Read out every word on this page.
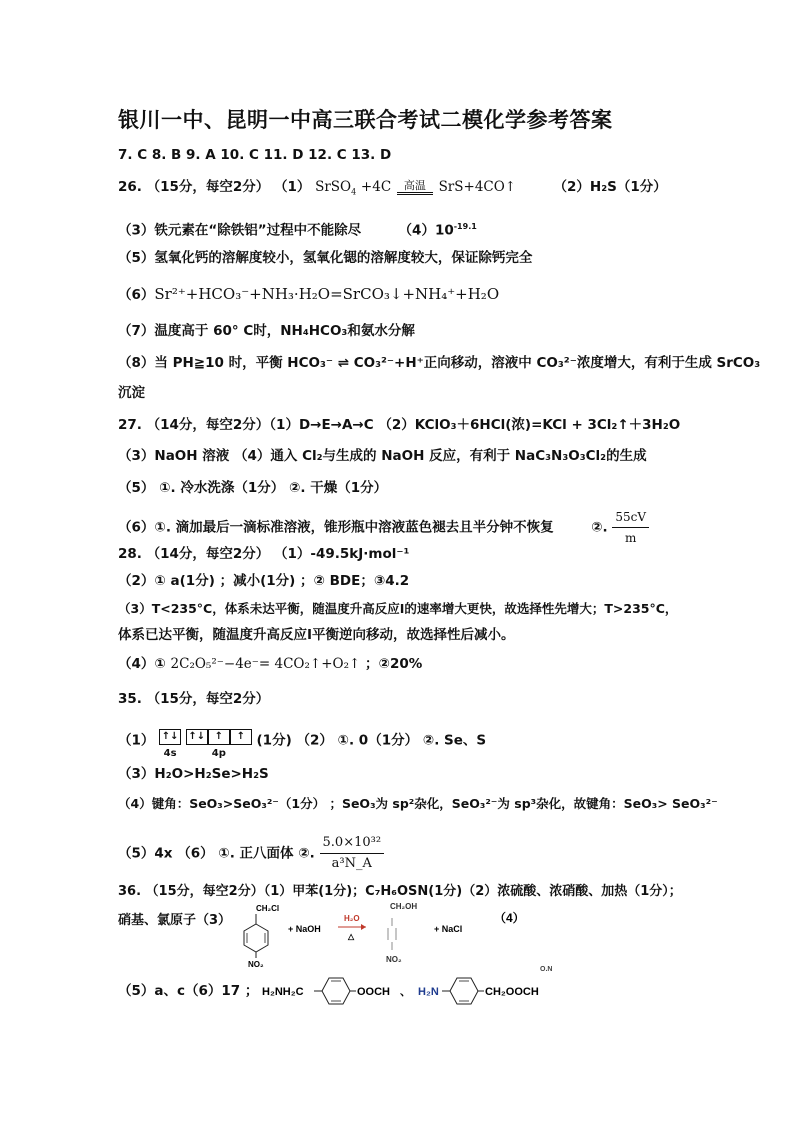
银川一中、昆明一中高三联合考试二模化学参考答案
7. C 8. B 9. A 10. C 11. D 12. C 13. D
26. （15分，每空2分） （1） SrSO$_4$ +4C 高温 SrS+4CO↑	（2）H₂S（1分）
（3）铁元素在“除铁铝”过程中不能除尽	$(4)10^{-19.1}$
（5）氢氧化钙的溶解度较小，氢氧化锶的溶解度较大，保证除钙完全
（6）Sr²⁺+HCO₃⁻+NH₃·H₂O=SrCO₃↓+NH₄⁺+H₂O
（7）温度高于 60° C时，NH₄HCO₃和氨水分解
（8）当 PH≧10 时，平衡 HCO₃⁻ ⇌ CO₃²⁻+H⁺正向移动，溶液中 CO₃²⁻浓度增大，有利于生成 SrCO₃
沉淀
27. （14分，每空2分）（1）D→E→A→C （2）KClO₃＋6HCl(浓)=KCl + 3Cl₂↑＋3H₂O
（3）NaOH 溶液 （4）通入 Cl₂与生成的 NaOH 反应，有利于 NaC₃N₃O₃Cl₂的生成
（5） ①. 冷水洗涤（1分） ②. 干燥（1分）
（6）①. 滴加最后一滴标准溶液，锥形瓶中溶液蓝色褪去且半分钟不恢复	②. $\frac{55cV}{m}$
28. （14分，每空2分） （1）-49.5kJ·mol⁻¹
（2）① a(1分) ；减小(1分) ；② BDE；③4.2
（3）T<235°C，体系未达平衡，随温度升高反应Ⅰ的速率增大更快，故选择性先增大；T>235°C，
体系已达平衡，随温度升高反应Ⅰ平衡逆向移动，故选择性后减小。
（4）① 2C₂O₅²⁻−4e⁻= 4CO₂↑+O₂↑ ；②20%
35. （15分，每空2分）
（1） ↑↓
4s

↑↓ ↑ ↑
4p
(1分) （2） ①. 0（1分） ②. Se、S
（3）H₂O>H₂Se>H₂S
（4）键角：SeO₃>SeO₃²⁻（1分） ；SeO₃为 sp²杂化，SeO₃²⁻为 sp³杂化，故键角：SeO₃> SeO₃²⁻
（5）4x （6） ①. 正八面体 ②. $\frac{\text{5.0×10³²}}{\text{a³N\_A}}$
36. （15分，每空2分）（1）甲苯(1分)；C₇H₆OSN(1分)（2）浓硫酸、浓硝酸、加热（1分）；
硝基、氯原子（3）
CH₂Cl
NO₂
+ NaOH
H₂O
△
CH₂OH
NO₂
+ NaCl
（4）
（5）a、c（6）17 ； H₂NH₂C	OOCH 、 H₂N	CH₂OOCH
O.N
